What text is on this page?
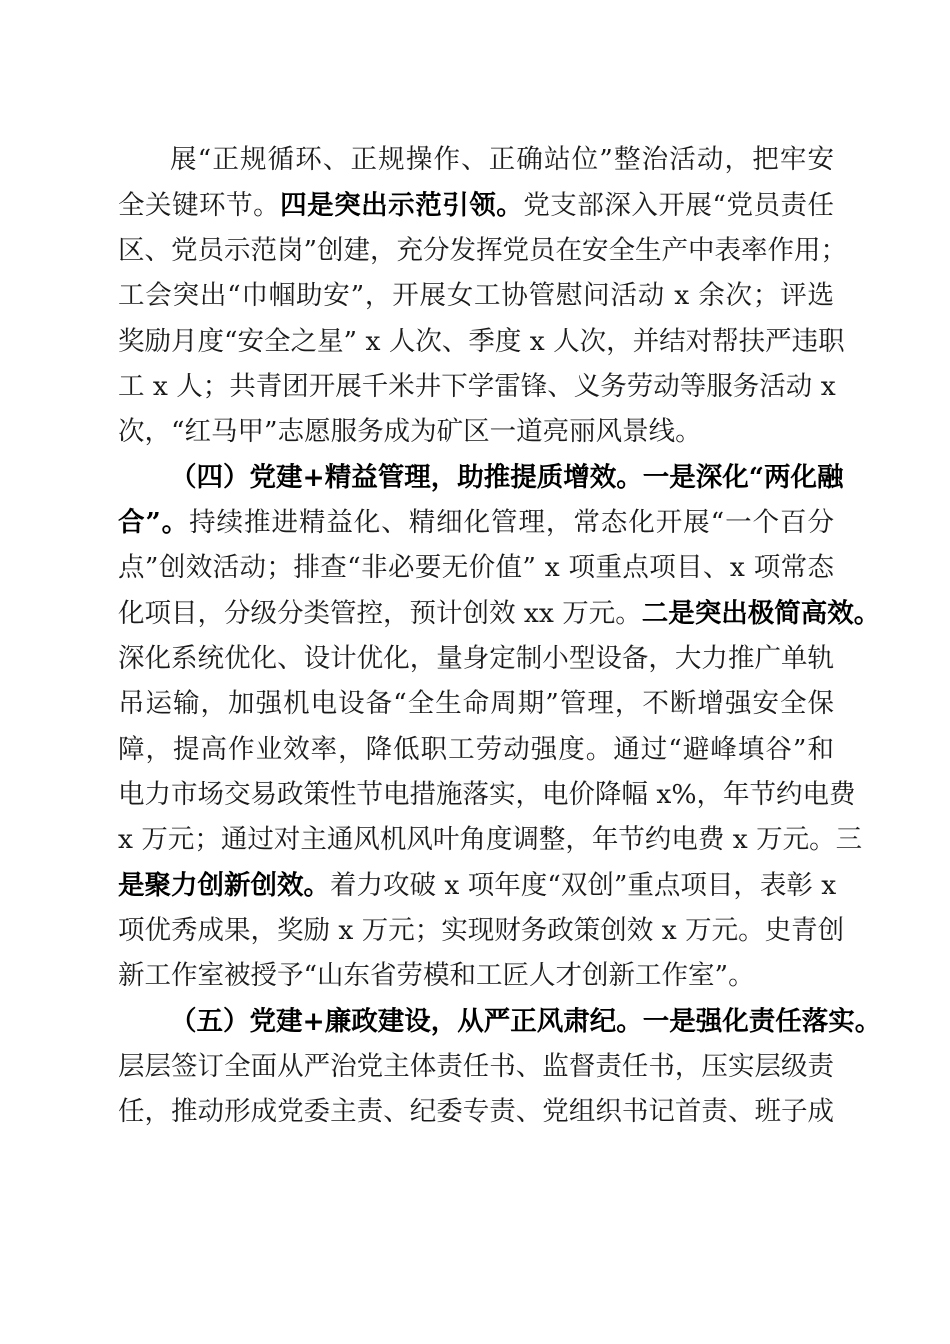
展“正规循环、正规操作、正确站位”整治活动，把牢安
全关键环节。四是突出示范引领。党支部深入开展“党员责任
区、党员示范岗”创建，充分发挥党员在安全生产中表率作用；
工会突出“巾帼助安”，开展女工协管慰问活动 x 余次；评选
奖励月度“安全之星” x 人次、季度 x 人次，并结对帮扶严违职
工 x 人；共青团开展千米井下学雷锋、义务劳动等服务活动 x
次，“红马甲”志愿服务成为矿区一道亮丽风景线。
（四）党建+精益管理，助推提质增效。一是深化“两化融
合”。持续推进精益化、精细化管理，常态化开展“一个百分
点”创效活动；排查“非必要无价值” x 项重点项目、x 项常态
化项目，分级分类管控，预计创效 xx 万元。二是突出极简高效。
深化系统优化、设计优化，量身定制小型设备，大力推广单轨
吊运输，加强机电设备“全生命周期”管理，不断增强安全保
障，提高作业效率，降低职工劳动强度。通过“避峰填谷”和
电力市场交易政策性节电措施落实，电价降幅 x%，年节约电费
x 万元；通过对主通风机风叶角度调整，年节约电费 x 万元。三
是聚力创新创效。着力攻破 x 项年度“双创”重点项目，表彰 x
项优秀成果，奖励 x 万元；实现财务政策创效 x 万元。史青创
新工作室被授予“山东省劳模和工匠人才创新工作室”。
（五）党建+廉政建设，从严正风肃纪。一是强化责任落实。
层层签订全面从严治党主体责任书、监督责任书，压实层级责
任，推动形成党委主责、纪委专责、党组织书记首责、班子成
